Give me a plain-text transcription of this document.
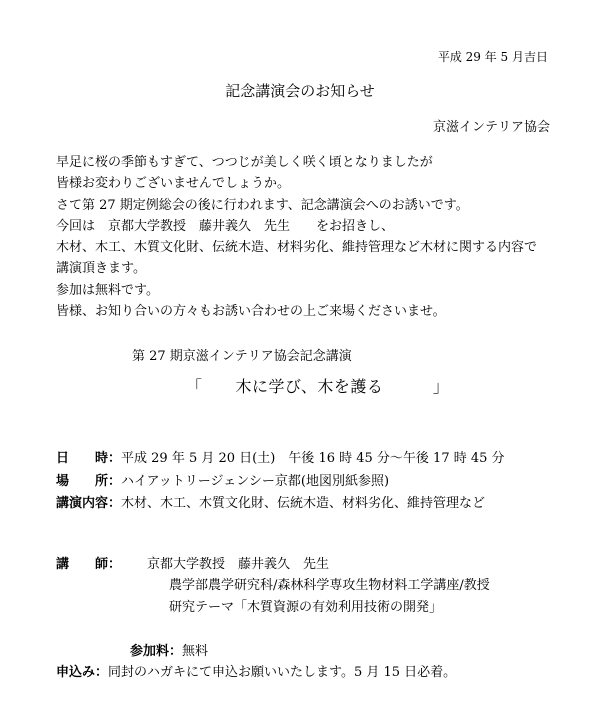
平成 29 年 5 月吉日
記念講演会のお知らせ
京滋インテリア協会
早足に桜の季節もすぎて、つつじが美しく咲く頃となりましたが
皆様お変わりございませんでしょうか。
さて第 27 期定例総会の後に行われます、記念講演会へのお誘いです。
今回は　京都大学教授　藤井義久　先生　　をお招きし、
木材、木工、木質文化財、伝統木造、材料劣化、維持管理など木材に関する内容で
講演頂きます。
参加は無料です。
皆様、お知り合いの方々もお誘い合わせの上ご来場くださいませ。
第 27 期京滋インテリア協会記念講演
「　　木に学び、木を護る　　　」
日　　時：平成 29 年 5 月 20 日(土)　午後 16 時 45 分～午後 17 時 45 分
場　　所：ハイアットリージェンシー京都(地図別紙参照)
講演内容：木材、木工、木質文化財、伝統木造、材料劣化、維持管理など
講　　師：　　京都大学教授　藤井義久　先生
農学部農学研究科/森林科学専攻生物材料工学講座/教授
研究テーマ「木質資源の有効利用技術の開発」
参加料：無料
申込み：同封のハガキにて申込お願いいたします。5 月 15 日必着。
